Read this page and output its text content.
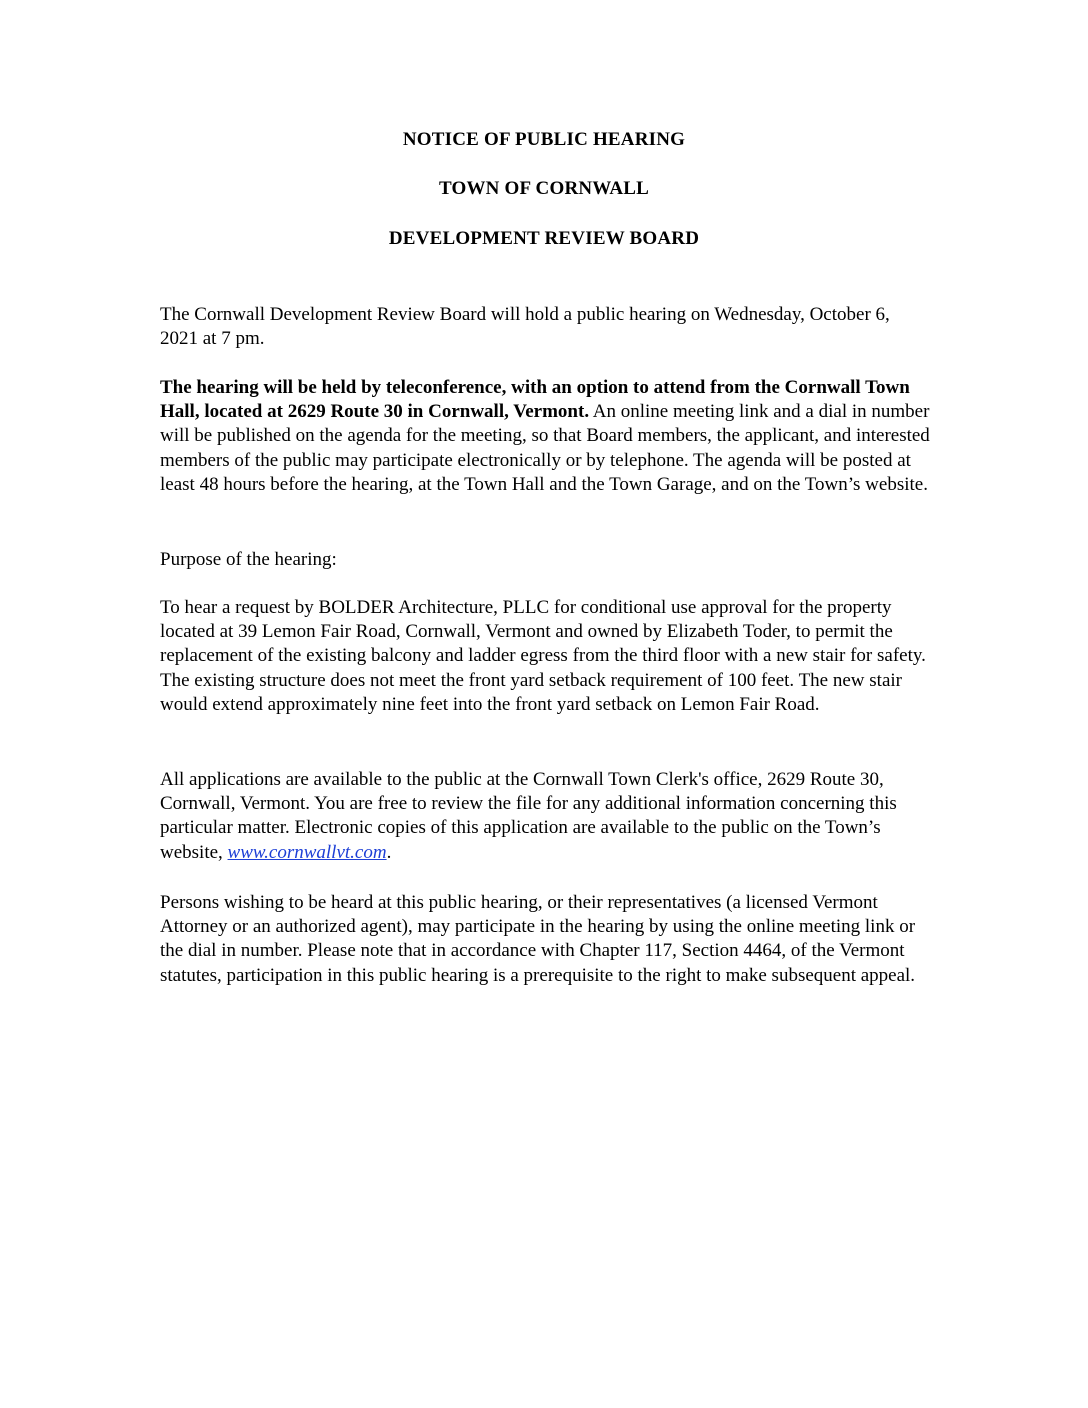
NOTICE OF PUBLIC HEARING
TOWN OF CORNWALL
DEVELOPMENT REVIEW BOARD
The Cornwall Development Review Board will hold a public hearing on Wednesday, October 6, 2021 at 7 pm.
The hearing will be held by teleconference, with an option to attend from the Cornwall Town Hall, located at 2629 Route 30 in Cornwall, Vermont. An online meeting link and a dial in number will be published on the agenda for the meeting, so that Board members, the applicant, and interested members of the public may participate electronically or by telephone. The agenda will be posted at least 48 hours before the hearing, at the Town Hall and the Town Garage, and on the Town’s website.
Purpose of the hearing:
To hear a request by BOLDER Architecture, PLLC for conditional use approval for the property located at 39 Lemon Fair Road, Cornwall, Vermont and owned by Elizabeth Toder, to permit the replacement of the existing balcony and ladder egress from the third floor with a new stair for safety. The existing structure does not meet the front yard setback requirement of 100 feet. The new stair would extend approximately nine feet into the front yard setback on Lemon Fair Road.
All applications are available to the public at the Cornwall Town Clerk's office, 2629 Route 30, Cornwall, Vermont. You are free to review the file for any additional information concerning this particular matter. Electronic copies of this application are available to the public on the Town’s website, www.cornwallvt.com.
Persons wishing to be heard at this public hearing, or their representatives (a licensed Vermont Attorney or an authorized agent), may participate in the hearing by using the online meeting link or the dial in number. Please note that in accordance with Chapter 117, Section 4464, of the Vermont statutes, participation in this public hearing is a prerequisite to the right to make subsequent appeal.
